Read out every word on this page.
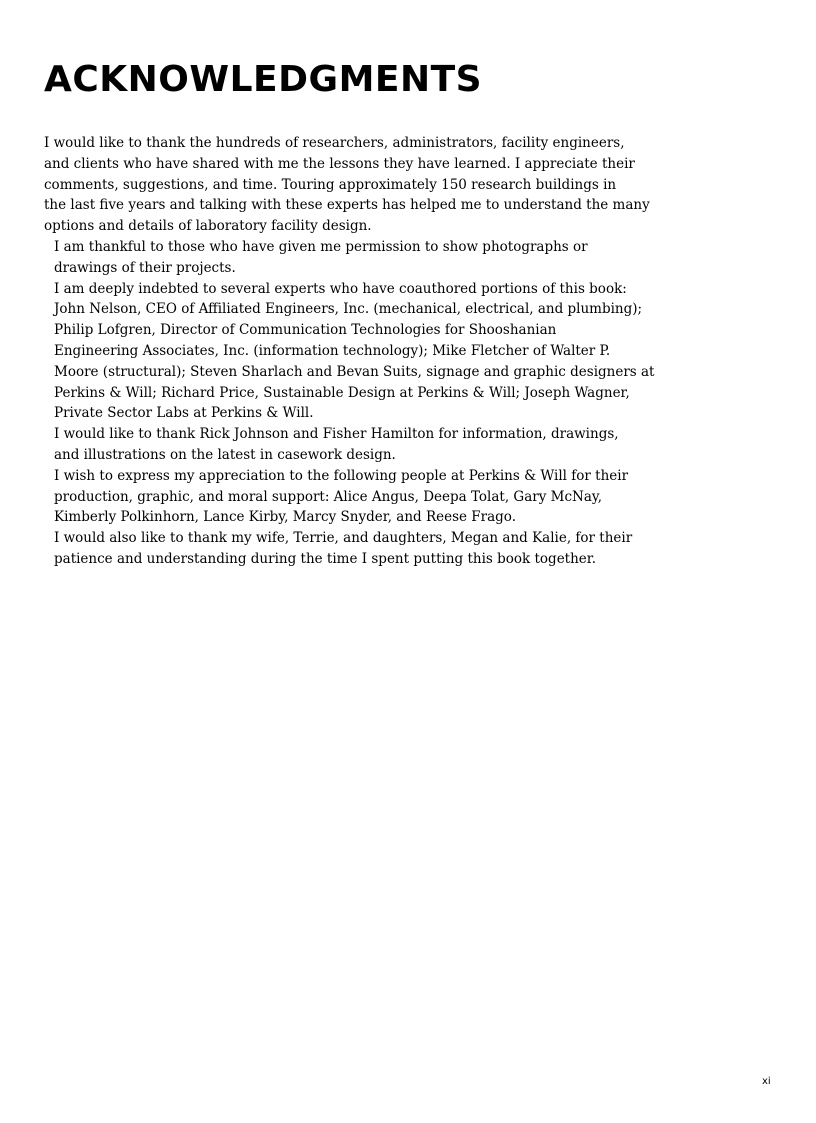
ACKNOWLEDGMENTS

I would like to thank the hundreds of researchers, administrators, facility engineers,
and clients who have shared with me the lessons they have learned. I appreciate their
comments, suggestions, and time. Touring approximately 150 research buildings in
the last five years and talking with these experts has helped me to understand the many
options and details of laboratory facility design.

I am thankful to those who have given me permission to show photographs or
drawings of their projects.

I am deeply indebted to several experts who have coauthored portions of this book:
John Nelson, CEO of Affiliated Engineers, Inc. (mechanical, electrical, and plumbing);
Philip Lofgren, Director of Communication Technologies for Shooshanian
Engineering Associates, Inc. (information technology); Mike Fletcher of Walter P.
Moore (structural); Steven Sharlach and Bevan Suits, signage and graphic designers at
Perkins & Will; Richard Price, Sustainable Design at Perkins & Will; Joseph Wagner,
Private Sector Labs at Perkins & Will.

I would like to thank Rick Johnson and Fisher Hamilton for information, drawings,
and illustrations on the latest in casework design.

I wish to express my appreciation to the following people at Perkins & Will for their
production, graphic, and moral support: Alice Angus, Deepa Tolat, Gary McNay,
Kimberly Polkinhorn, Lance Kirby, Marcy Snyder, and Reese Frago.

I would also like to thank my wife, Terrie, and daughters, Megan and Kalie, for their
patience and understanding during the time I spent putting this book together.

xi
